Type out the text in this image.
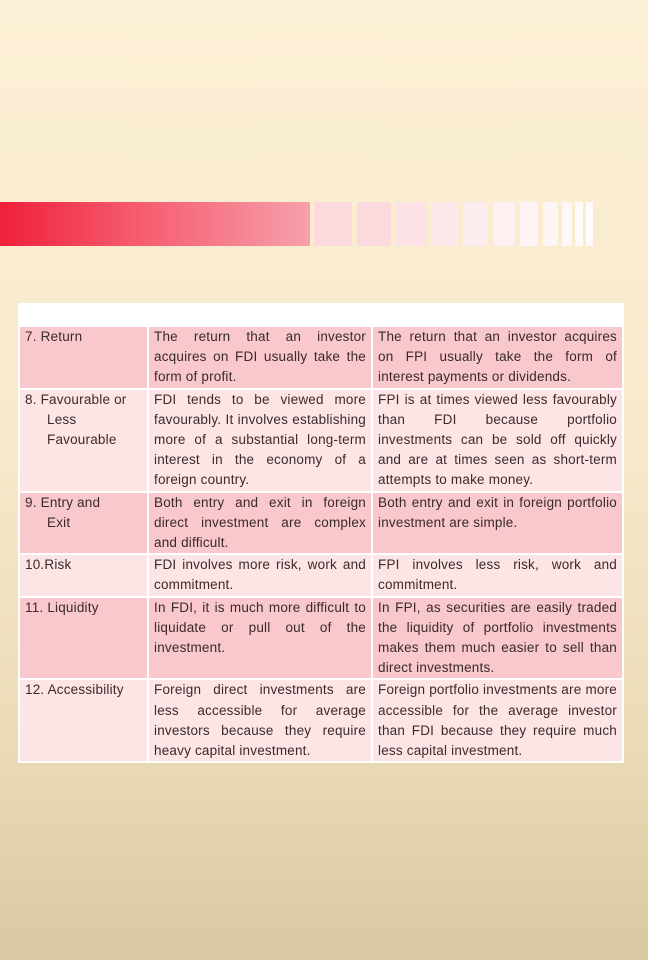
7. Return	The return that an investor acquires on FDI usually take the form of profit.	The return that an investor acquires on FPI usually take the form of interest payments or dividends.

8. Favourable or
Less
Favourable	FDI tends to be viewed more favourably. It involves establishing more of a substantial long-term interest in the economy of a foreign country.	FPI is at times viewed less favourably than FDI because portfolio investments can be sold off quickly and are at times seen as short-term attempts to make money.

9. Entry and
Exit	Both entry and exit in foreign direct investment are complex and difficult.	Both entry and exit in foreign portfolio investment are simple.

10.Risk	FDI involves more risk, work and commitment.	FPI involves less risk, work and commitment.

11. Liquidity	In FDI, it is much more difficult to liquidate or pull out of the investment.	In FPI, as securities are easily traded the liquidity of portfolio investments makes them much easier to sell than direct investments.

12. Accessibility	Foreign direct investments are less accessible for average investors because they require heavy capital investment.	Foreign portfolio investments are more accessible for the average investor than FDI because they require much less capital investment.
